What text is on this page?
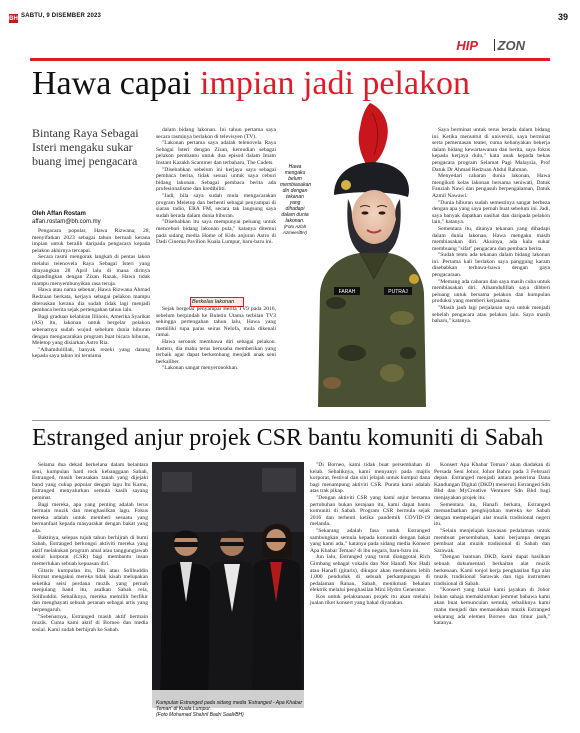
BH SABTU, 9 DISEMBER 2023
HIP ZON
39
Hawa capai impian jadi pelakon
Bintang Raya Sebagai Isteri mengaku sukar buang imej pengacara
Oleh Affan Rostam
affan.rostam@bh.com.my

Pengacara popular, Hawa Rizwana, 28, menyifatkan 2023 sebagai tahun bertuah kerana impian untuk beralih daripada pengacara kepada pelakon akhirnya tercapai.

Secara rasmi mengorak langkah di pentas lakon melalui telenovela Raya Sebagai Isteri yang ditayangkan 28 April lalu di mana dirinya digandingkan dengan Zizan Razak, Hawa tidak mampu menyembunyikan rasa teruja.

Hawa atau nama sebenar, Hawa Rizwana Ahmad Redzuan berkata, kerjaya sebagai pelakon mampu diteruskan kerana dia sudah tidak lagi menjadi pembaca berita sejak pertengahan tahun lalu.

Bagi graduan kelahiran Illinois, Amerika Syarikat (AS) itu, lakonan untuk bergelar pelakon sebenarnya sudah wujud sebelum dunia hiburan dengan mengacarakan program buat bicara hiburan, Meletop yang disiarkan Astro Ria.

"Alhamdulillah, banyak rezeki yang datang kepada saya tahun ini terutama

dalam bidang lakonan. Ini tahun pertama saya secara rasminya berlakon di televisyen (TV).

"Lakonan pertama saya adalah telenovela Raya Sebagai Isteri dengan Zizan, kemudian sebagai pelakon pembantu untuk dua episod dalam Imam Instant Kazakh Scammer dan terbaharu, The Cadets.

"Disebabkan sebelum ini kerjaya saya sebagai pembaca berita, tidak sesuai untuk saya ceburi bidang lakonan. Sebagai pembaca berita ada profesionalisme dan kredibiliti.

"Jadi, bila saya sudah mula mengacarakan program Meletop dan berhenti sebagai penyampai di siaran radio, ERA FM, secara tak langsung saya sudah berada dalam dunia hiburan.

"Disebabkan itu saya mempunyai peluang untuk menceburi bidang lakonan pula," katanya ditemui pada sidang media Home of Kids anjuran Astro di Dadi Cinema Pavilion Kuala Lumpur, baru-baru ini.

Berkelas lakonan

Sejak bergelar penyampai Berita TV9 pada 2016, sebelum berpindah ke Buletin Utama terbitan TV3 sehingga pertengahan tahun lalu, Hawa yang memiliki rupa paras seiras Nelofa, mula dikenali ramai.

Hawa seronok membawa diri sebagai pelakon. Justeru, dia mahu terus berusaha memberikan yang terbaik agar dapat berkembang menjadi anak seni berkaliber.

"Lakonan sangat menyeronokkan.

Hawa mengaku belum membiasakan diri dengan tekanan yang dihadapi dalam dunia lakonan.
(Foto Azlah Azmeer/BH)
FARAH	PUTRAJ

Saya berminat untuk terus berada dalam bidang ini. Ketika menuntut di universiti, saya berminat serta pementasan teater, cuma kebanyakan bekerja dalam bidang kewartawanan dan berita, saya fokus kepada kerjaya dulu," kata anak kepada bekas pengacara program Selamat Pagi Malaysia, Prof Datuk Dr Ahmad Redzuan Abdul Rahman.

Menyedari cabaran dunia lakonan, Hawa mengikuti kelas lakonan bersama seniwati, Datuk Fauziah Nawi dan pengasuh berpengalaman, Datuk Azmil Nawawi.

"Dunia hiburan sudah semestinya sangat berbeza dengan apa yang saya pernah buat sebelum ini. Jadi, saya banyak dapatkan nasihat dan daripada pelakon lain," katanya.

Sementara itu, ditanya tekanan yang dihadapi dalam dunia lakonan, Hawa mengaku masih membiasakan diri. Akuinya, ada kala sukar membuang "sifat" pengacara dan pembaca berita.

"Sudah tentu ada tekanan dalam bidang lakonan ini. Pertama kali berlakon saya panggung karam disebabkan terbawa-bawa dengan gaya pengacaraan.

"Memang ada cabaran dan saya masih cuba untuk membiasakan diri. Alhamdulillah saya dibberi peluang untuk bersama pelakon dan kumpulan produksi yang memberi kerjasama.

"Masih jauh lagi perjalanan saya untuk menjadi sebelah pengacara atau pelakon lain. Saya masih baharu," katanya.

Estranged anjur projek CSR bantu komuniti di Sabah

Selama dua dekad berkelana dalam belantara seni, kumpulan hard rock kebanggaan Sabah, Estranged, masih berasakan tanah yang dijejaki band yang cukup popular dengan lagu Itu Kamu, Estranged menyalurkan semula kasih sayang peminat.

Bagi mereka, apa yang penting adalah terus bermain muzik dan menghasilkan lagu. Fokus mereka adalah untuk memberi sesuatu yang bermanfaat kepada masyarakat dengan bakat yang ada.

Baktinya, selepas tujuh tahun berhijrah di bumi Sabah, Estranged berkongsi aktiviti mereka yang aktif melakukan program amal atau tanggungjawab sosial korporat (CSR) bagi membantu insan memerlukan sebuah kepuasan diri.

Gitaris kumpulan itu, Din atau Solihuddin Hormat mengakui mereka tidak kisah melupakan seketika seisi perdana muzik yang pernah menjulang band itu, asalkan Sabah rela, Solihuddin. Sebaliknya, mereka memilih berfikir dan menghayati sebuah peranan sebagai artis yang berpengaruh.

"Sebenarnya, Estranged masih aktif bermain muzik. Cuma kami aktif di Borneo dan media sosial. Kami sudah berhijrah ke Sabah.

Kumpulan Estranged pada sidang media 'Estranged - Apa Khabar Teman' di Kuala Lumpur.
(Foto Mohamad Shahril Badri Saali/BH)

"Di Borneo, kami tidak buat persembahan di kelab. Sebaliknya, kami menyanyi pada majlis korporat, festival dan sini jelajah untuk kumpul dana bagi menampung aktiviti CSR. Purata kami adalah atas trak pikap.

"Dengan aktiviti CSR yang kami anjur bersama pertubuhan bukan kerajaan itu, kami dapat bantu komuniti di Sabah. Program CSR bermula sejak 2016 dan terhenti ketika pandemik COVID-19 melanda.

"Sekarang adalah fasa untuk Estranged sambungkan semula kepada komuniti dengan bakat yang kami ada," katanya pada sidang media Konsert Apa Khabar Teman? di ibu negara, baru-baru ini.

Jun lalu, Estranged yang turut dianggotai Rich Gimbang sebagai vokalis dan Nor Hanafi Nor Hadi atau Hanafi (gitaris), dikupor akan membantu lebih 1,000 penduduk di sebuah perkampungan di pedalaman Ranau, Sabah, menikmati bekalan elektrik melalui penghasilan Mini Hydro Generator.

Kos untuk pelaksanaan projek itu akan melalui jualan tiket konsert yang bakal diyarakan.

Konsert Apa Khabar Teman? akan diadakan di Persada Seni Johor, Johor Bahru pada 3 Februari depan. Estranged menjadi antara penerima Dana Kandungan Digital (DKD) menerusi Estranged Sdn Bhd dan MyCreative Ventures Sdn Bhd bagi menjayakan projek itu.

Sementara itu, Hanafi berkata, Estranged memanfaatkan penghijrahan mereka ke Sabah dengan mempelajari alat muzik tradisional negeri itu.

"Selain menjelajah kawasan pedalaman untuk membuat persembahan, kami berjumpa dengan pembuat alat muzik tradisional di Sabah dan Sarawak.

"Dengan bantuan DKD, kami dapat hasilkan sebuah dokumentari berkaitan alat muzik berkenaan. Kami tonjol kerja penghasilan figa alat muzik tradisional Sarawak dan tiga instrumen tradisional di Sabah.

"Konsert yang bakal kami jayakan di Johor bukan sahaja memaklumkan jemmut bahawa kami akan buat kemunculan semula, sebaliknya kami mahu menjadi dan memasukkan muzik Estranged sekarang ada elemen Borneo dan timur jauh," katanya.
